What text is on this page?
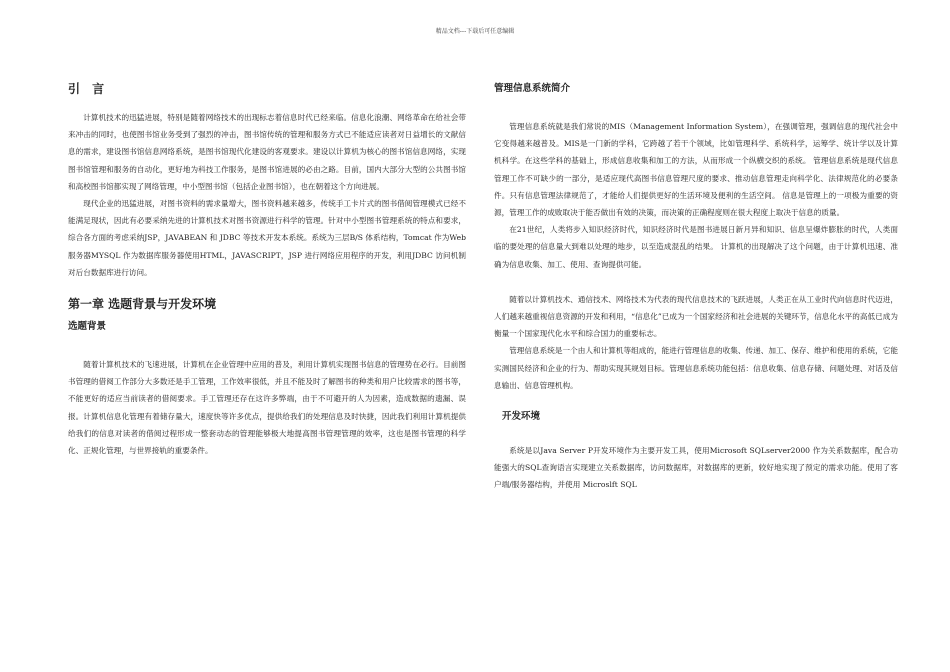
精品文档---下载后可任意编辑
引 言

计算机技术的迅猛进展，特别是随着网络技术的出现标志着信息时代已经来临。信息化浪潮、网络革命在给社会带来冲击的同时，也使图书馆业务受到了强烈的冲击，图书馆传统的管理和服务方式已不能适应读者对日益增长的文献信息的需求，建设图书馆信息网络系统，是图书馆现代化建设的客观要求。建设以计算机为核心的图书馆信息网络，实现图书馆管理和服务的自动化，更好地为科技工作服务，是图书馆进展的必由之路。目前，国内大部分大型的公共图书馆和高校图书馆都实现了网络管理，中小型图书馆（包括企业图书馆），也在朝着这个方向进展。

现代企业的迅猛进展，对图书资料的需求量增大，图书资料越来越多，传统手工卡片式的图书借阅管理模式已经不能满足现状，因此有必要采纳先进的计算机技术对图书资源进行科学的管理。针对中小型图书管理系统的特点和要求，综合各方面的考虑采纳JSP，JAVABEAN 和 JDBC 等技术开发本系统。系统为三层B/S 体系结构，Tomcat 作为Web服务器MYSQL 作为数据库服务器使用HTML，JAVASCRIPT，JSP 进行网络应用程序的开发，利用JDBC 访问机制对后台数据库进行访问。

第一章 选题背景与开发环境
选题背景

随着计算机技术的飞速进展，计算机在企业管理中应用的普及，利用计算机实现图书信息的管理势在必行。目前图书管理的借阅工作部分大多数还是手工管理，工作效率很低，并且不能及时了解图书的种类和用户比较需求的图书等，不能更好的适应当前读者的借阅要求。手工管理还存在这许多弊端，由于不可避开的人为因素，造成数据的遗漏、误报。计算机信息化管理有着储存量大，速度快等许多优点，提供给我们的处理信息及时快捷，因此我们利用计算机提供给我们的信息对读者的借阅过程形成一整套动态的管理能够极大地提高图书管理管理的效率，这也是图书管理的科学化、正规化管理，与世界接轨的重要条件。

管理信息系统简介

管理信息系统就是我们常说的MIS（Management Information System），在强调管理，强调信息的现代社会中它变得越来越普及。MIS是一门新的学科，它跨越了若干个领域，比如管理科学、系统科学，运筹学、统计学以及计算机科学。在这些学科的基础上，形成信息收集和加工的方法，从而形成一个纵横交织的系统。 管理信息系统是现代信息管理工作不可缺少的一部分，是适应现代高图书信息管理尺度的要求、推动信息管理走向科学化、法律规范化的必要条件。只有信息管理法律规范了，才能给人们提供更好的生活环境及便利的生活空间。 信息是管理上的一项极为重要的资源，管理工作的成败取决于能否做出有效的决策，而决策的正确程度则在很大程度上取决于信息的质量。

在21世纪，人类将步入知识经济时代，知识经济时代是图书进展日新月异和知识、信息呈爆炸膨胀的时代，人类面临的要处理的信息量大到难以处理的地步，以至造成混乱的结果。 计算机的出现解决了这个问题，由于计算机迅速、准确为信息收集、加工、使用、查询提供可能。

随着以计算机技术、通信技术、网络技术为代表的现代信息技术的飞跃进展，人类正在从工业时代向信息时代迈进，人们越来越重视信息资源的开发和利用，“信息化”已成为一个国家经济和社会进展的关键环节，信息化水平的高低已成为衡量一个国家现代化水平和综合国力的重要标志。

管理信息系统是一个由人和计算机等组成的，能进行管理信息的收集、传递、加工、保存、维护和使用的系统，它能实测国民经济和企业的行为、帮助实现其规划目标。管理信息系统功能包括：信息收集、信息存储、问题处理、对话及信息输出、信息管理机构。

开发环境

系统是以Java Server P开发环境作为主要开发工具，使用Microsoft SQLserver2000 作为关系数据库，配合功能强大的SQL查询语言实现建立关系数据库，访问数据库，对数据库的更新，较好地实现了预定的需求功能。使用了客户端/服务器结构，并使用 Microslft SQL
